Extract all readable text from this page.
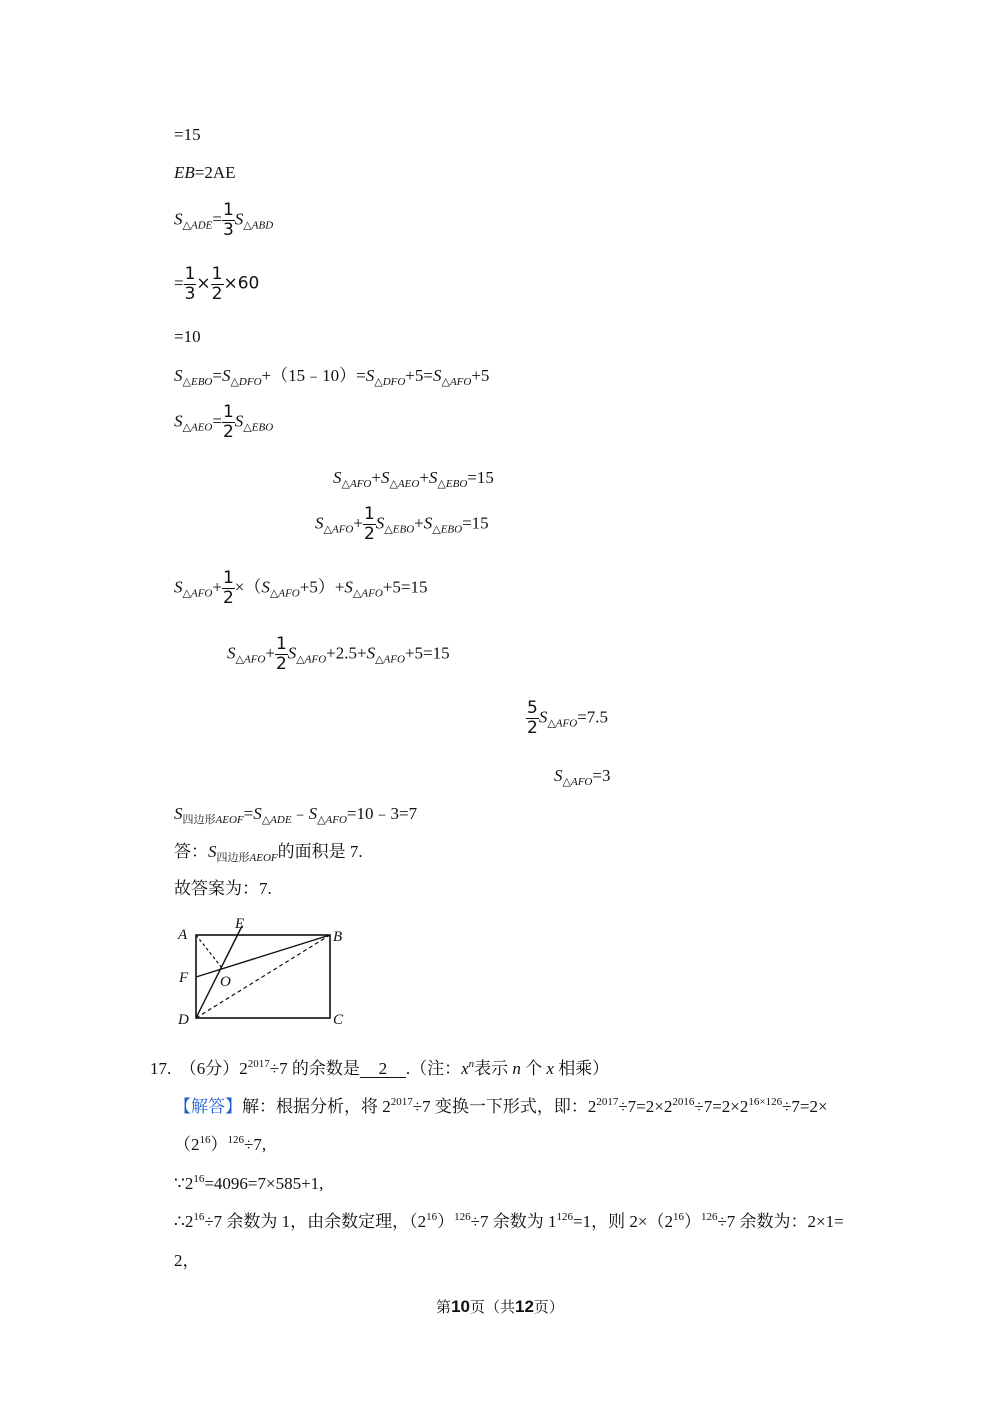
=15
EB=2AE
$S_{\triangle ADE}= \frac{1}{3} S_{\triangle ABD}$
= $\frac{1}{3} \times \frac{1}{2} \times 60$
=10
$S_{\triangle EBO}=S_{\triangle DFO}+(15﹣10)=S_{\triangle DFO}+5=S_{\triangle AFO}+5$
$S_{\triangle AEO}= \frac{1}{2} S_{\triangle EBO}$
$S_{\triangle AFO}+S_{\triangle AEO}+S_{\triangle EBO}=15$
$S_{\triangle AFO}+ \frac{1}{2} S_{\triangle EBO}+S_{\triangle EBO}=15$
$S_{\triangle AFO}+ \frac{1}{2} \times(S_{\triangle AFO}+5)+S_{\triangle AFO}+5=15$
$S_{\triangle AFO}+ \frac{1}{2} S_{\triangle AFO}+2.5+S_{\triangle AFO}+5=15$
$\frac{5}{2} S_{\triangle AFO}=7.5$
$S_{\triangle AFO}=3$
$S_{四边形AEOF}=S_{\triangle ADE}﹣S_{\triangle AFO}=10﹣3=7$
答：$S_{四边形AEOF}$的面积是 7.
故答案为：7.
A
E
B
F O
D	C
17. （6分）$2^{2017}\div 7$ 的余数是 2 .（注：$x^n$表示 n 个 x 相乘）
【解答】解：根据分析，将 $2^{2017}\div 7$ 变换一下形式，即：$2^{2017}\div 7=2\times 2^{2016}\div 7=2\times 2^{16\times 126}\div 7=2\times$
$(2^{16})^{126}\div 7$,
$\because 2^{16}=4096=7\times 585+1$,
$\therefore 2^{16}\div 7$ 余数为 1，由余数定理，$(2^{16})^{126}\div 7$ 余数为 $1^{126}=1$，则 $2\times(2^{16})^{126}\div 7$ 余数为：2×1=
2，
第10页（共12页）
